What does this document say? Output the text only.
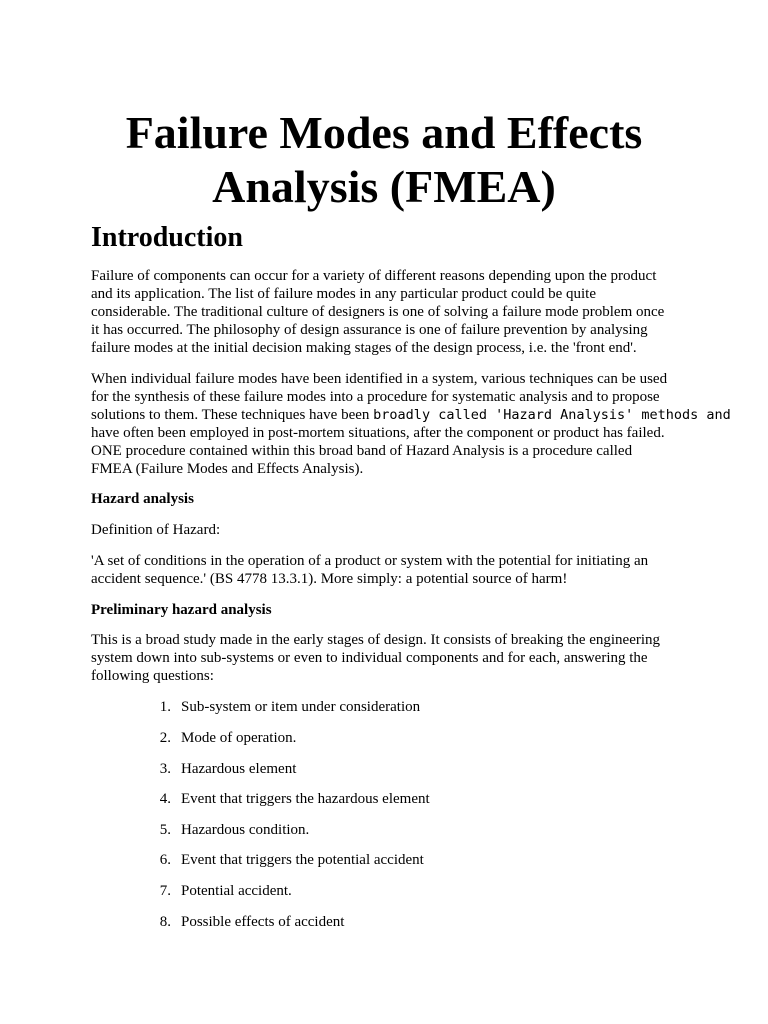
Failure Modes and Effects
Analysis (FMEA)
Introduction
Failure of components can occur for a variety of different reasons depending upon the product
and its application. The list of failure modes in any particular product could be quite
considerable. The traditional culture of designers is one of solving a failure mode problem once
it has occurred. The philosophy of design assurance is one of failure prevention by analysing
failure modes at the initial decision making stages of the design process, i.e. the 'front end'.
When individual failure modes have been identified in a system, various techniques can be used
for the synthesis of these failure modes into a procedure for systematic analysis and to propose
solutions to them. These techniques have been broadly called 'Hazard Analysis' methods and
have often been employed in post-mortem situations, after the component or product has failed.
ONE procedure contained within this broad band of Hazard Analysis is a procedure called
FMEA (Failure Modes and Effects Analysis).
Hazard analysis
Definition of Hazard:
'A set of conditions in the operation of a product or system with the potential for initiating an
accident sequence.' (BS 4778 13.3.1). More simply: a potential source of harm!
Preliminary hazard analysis
This is a broad study made in the early stages of design. It consists of breaking the engineering
system down into sub-systems or even to individual components and for each, answering the
following questions:
1. Sub-system or item under consideration
2. Mode of operation.
3. Hazardous element
4. Event that triggers the hazardous element
5. Hazardous condition.
6. Event that triggers the potential accident
7. Potential accident.
8. Possible effects of accident
